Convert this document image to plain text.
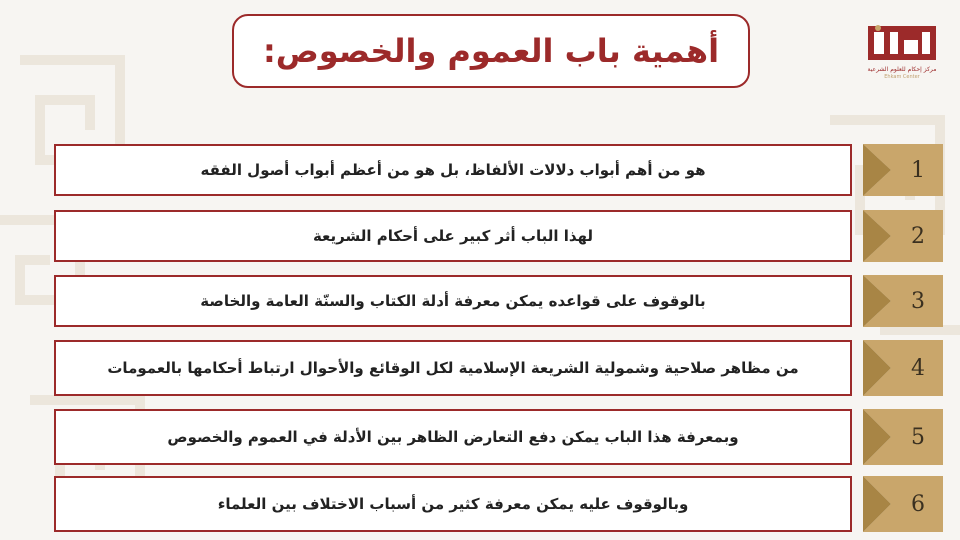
أهمية باب العموم والخصوص:	مركز إحكام للعلوم الشرعية
Ehkam Center
هو من أهم أبواب دلالات الألفاظ، بل هو من أعظم أبواب أصول الفقه	1
لهذا الباب أثر كبير على أحكام الشريعة	2
بالوقوف على قواعده يمكن معرفة أدلة الكتاب والسنّة العامة والخاصة	3
من مظاهر صلاحية وشمولية الشريعة الإسلامية لكل الوقائع والأحوال ارتباط أحكامها بالعمومات	4
وبمعرفة هذا الباب يمكن دفع التعارض الظاهر بين الأدلة في العموم والخصوص	5
وبالوقوف عليه يمكن معرفة كثير من أسباب الاختلاف بين العلماء	6
